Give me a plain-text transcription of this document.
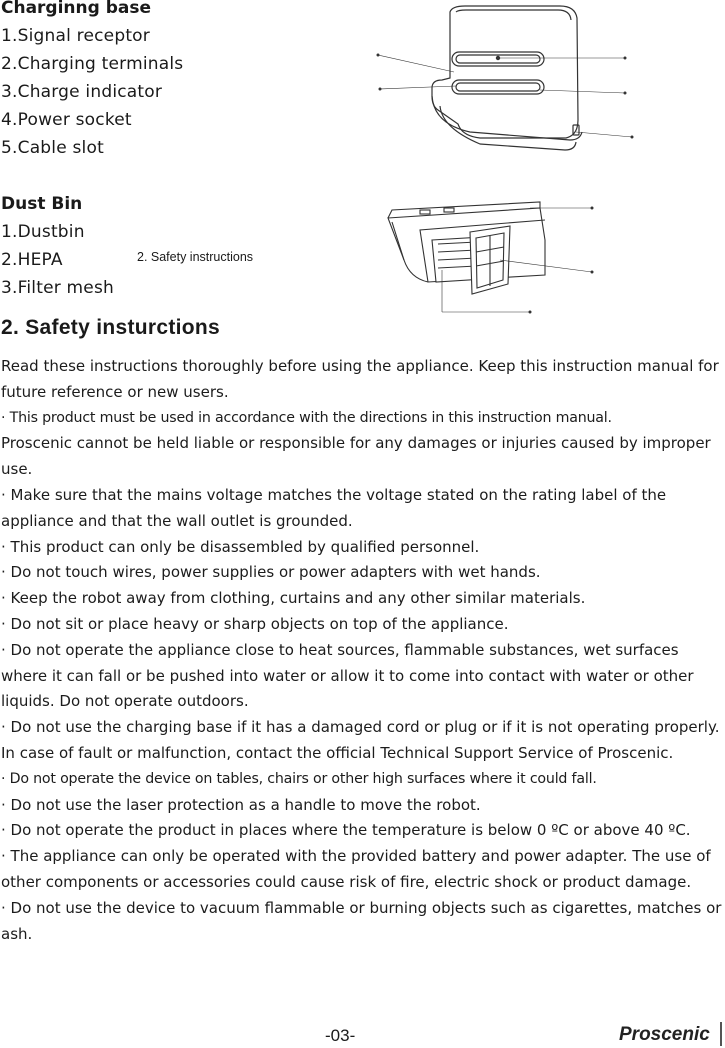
Charginng base
1.Signal receptor
2.Charging terminals
3.Charge indicator
4.Power socket
5.Cable slot
Dust Bin
1.Dustbin
2.HEPA
3.Filter mesh
2. Safety instructions
2. Safety insturctions

Read these instructions thoroughly before using the appliance. Keep this instruction manual for future reference or new users.

· This product must be used in accordance with the directions in this instruction manual.

Proscenic cannot be held liable or responsible for any damages or injuries caused by improper use.

· Make sure that the mains voltage matches the voltage stated on the rating label of the appliance and that the wall outlet is grounded.

· This product can only be disassembled by qualified personnel.

· Do not touch wires, power supplies or power adapters with wet hands.

· Keep the robot away from clothing, curtains and any other similar materials.

· Do not sit or place heavy or sharp objects on top of the appliance.

· Do not operate the appliance close to heat sources, flammable substances, wet surfaces where it can fall or be pushed into water or allow it to come into contact with water or other liquids. Do not operate outdoors.

· Do not use the charging base if it has a damaged cord or plug or if it is not operating properly. In case of fault or malfunction, contact the official Technical Support Service of Proscenic.

· Do not operate the device on tables, chairs or other high surfaces where it could fall.

· Do not use the laser protection as a handle to move the robot.

· Do not operate the product in places where the temperature is below 0 ºC or above 40 ºC.

· The appliance can only be operated with the provided battery and power adapter. The use of other components or accessories could cause risk of fire, electric shock or product damage.

· Do not use the device to vacuum flammable or burning objects such as cigarettes, matches or ash.

-03-	Proscenic
